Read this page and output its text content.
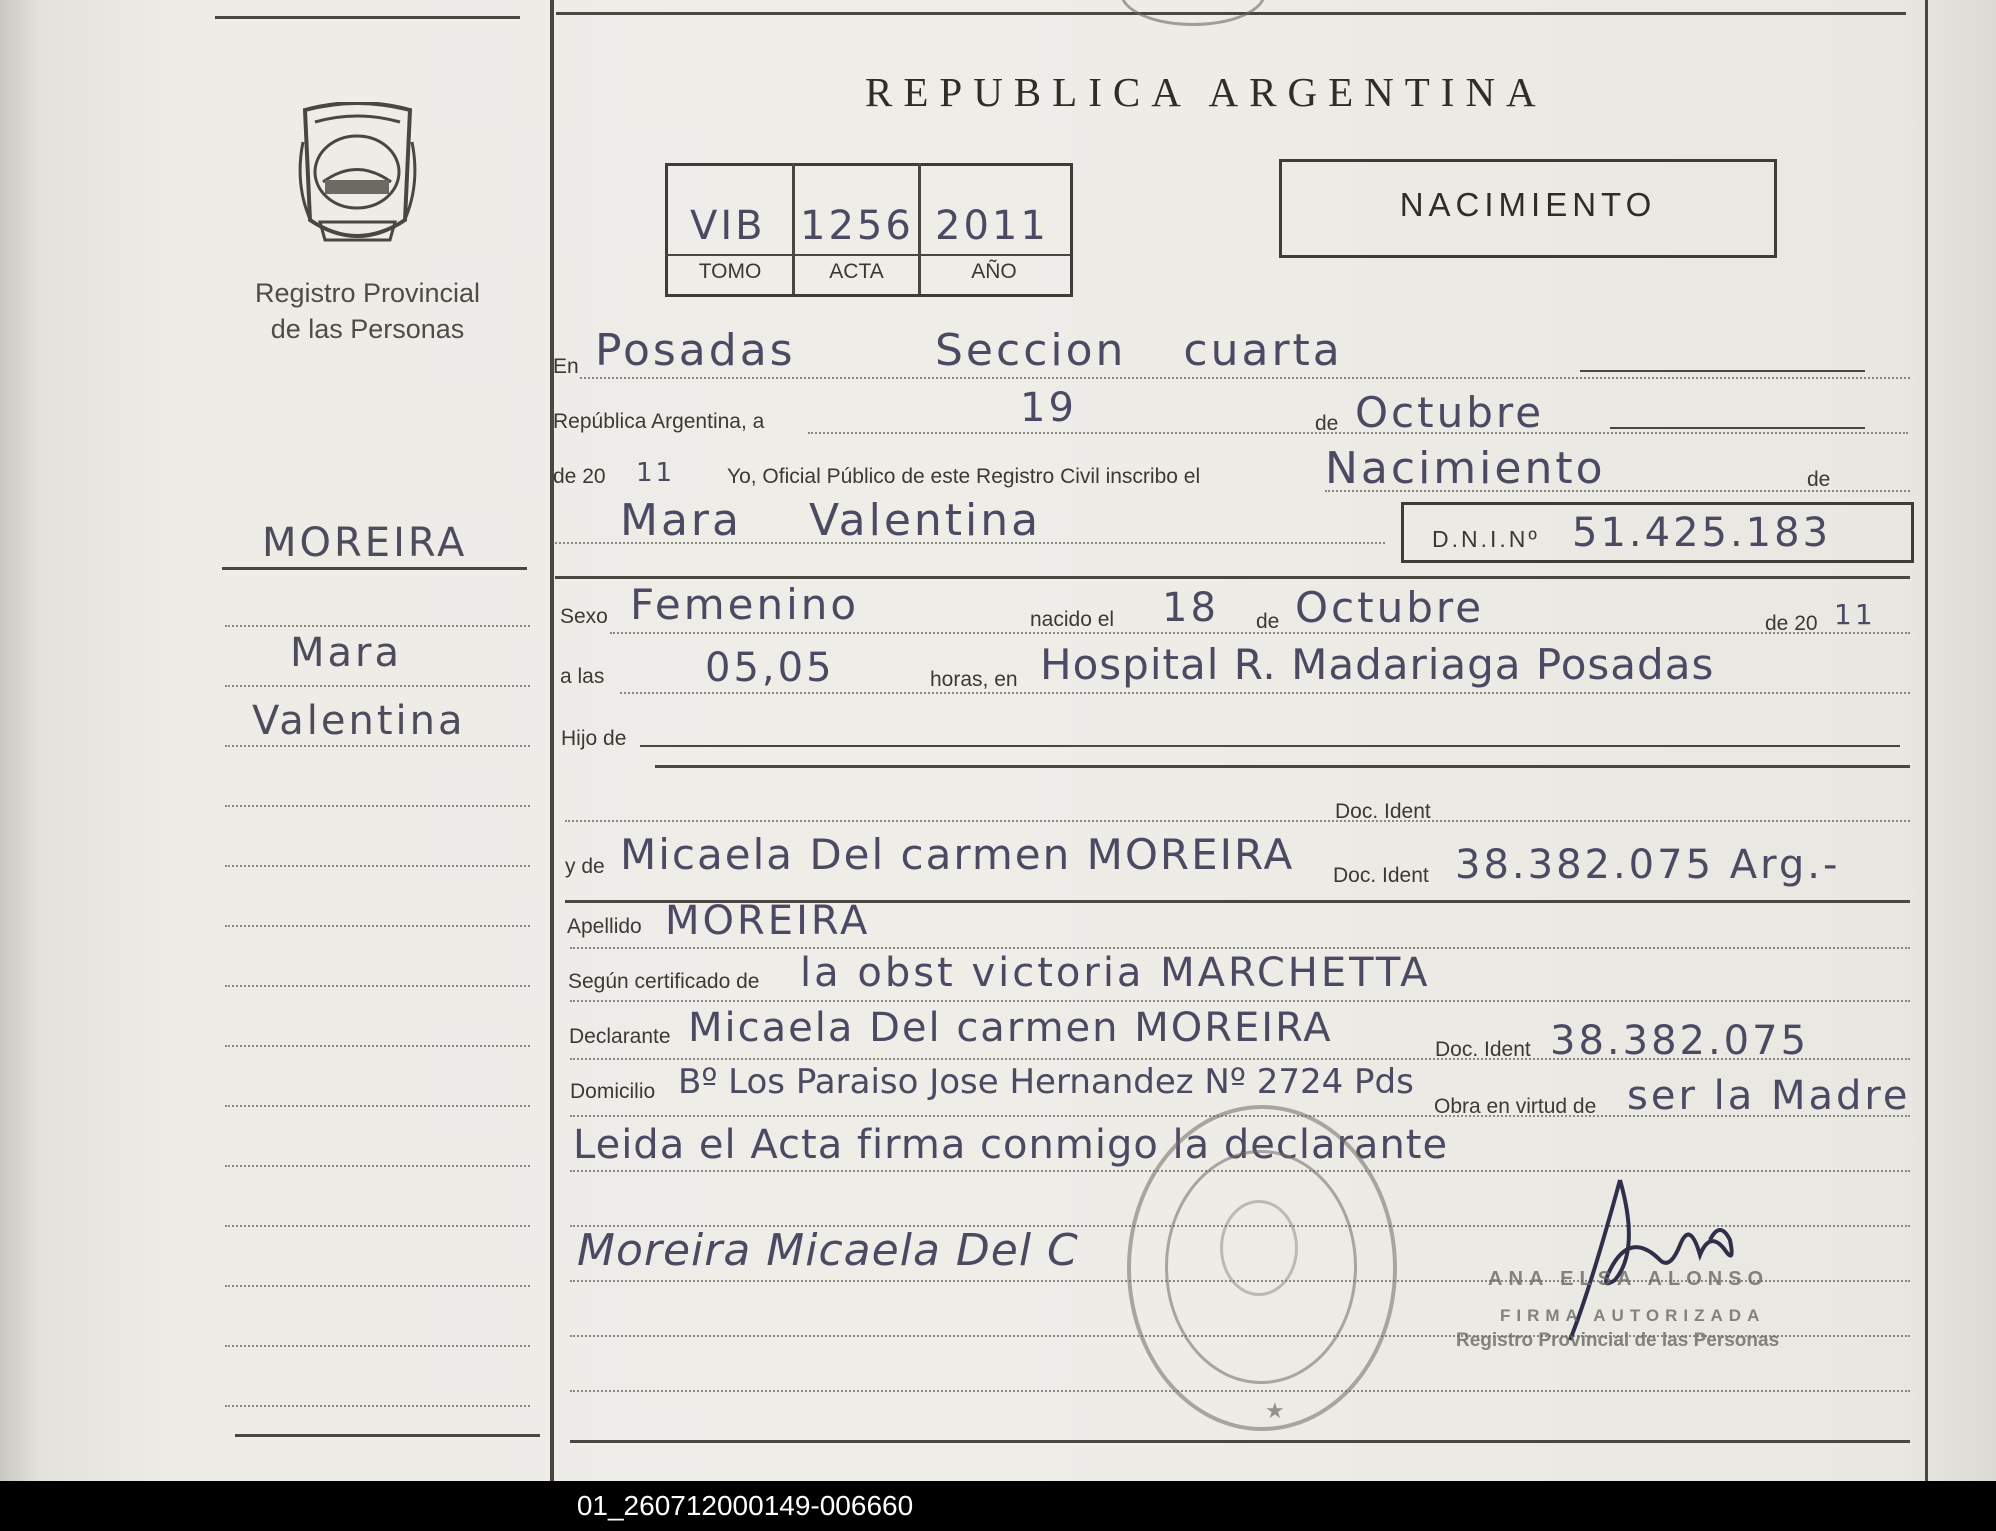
Registro Provincial de las Personas
REPUBLICA ARGENTINA
VIB 1256 2011
TOMO	ACTA	AÑO
NACIMIENTO
MOREIRA
Mara
Valentina
En Posadas	Seccion cuarta
República Argentina, a	19	de Octubre
de 20 11 Yo, Oficial Público de este Registro Civil inscribo el	Nacimiento	de
Mara Valentina	D.N.I.Nº 51.425.183
Sexo Femenino	nacido el 18 de Octubre	de 20 11
a las	05,05	horas, en Hospital R. Madariaga Posadas
Hijo de
Doc. Ident
y de Micaela Del carmen MOREIRA Doc. Ident 38.382.075 Arg.-
Apellido MOREIRA
Según certificado de la obst victoria MARCHETTA
Declarante Micaela Del carmen MOREIRA	Doc. Ident 38.382.075
Domicilio Bº Los Paraiso Jose Hernandez Nº 2724 Pds
Obra en virtud de ser la Madre
Leida el Acta firma conmigo la declarante
Moreira Micaela Del C
★
ANA ELSA ALONSO
FIRMA AUTORIZADA
Registro Provincial de las Personas
01_260712000149-006660
